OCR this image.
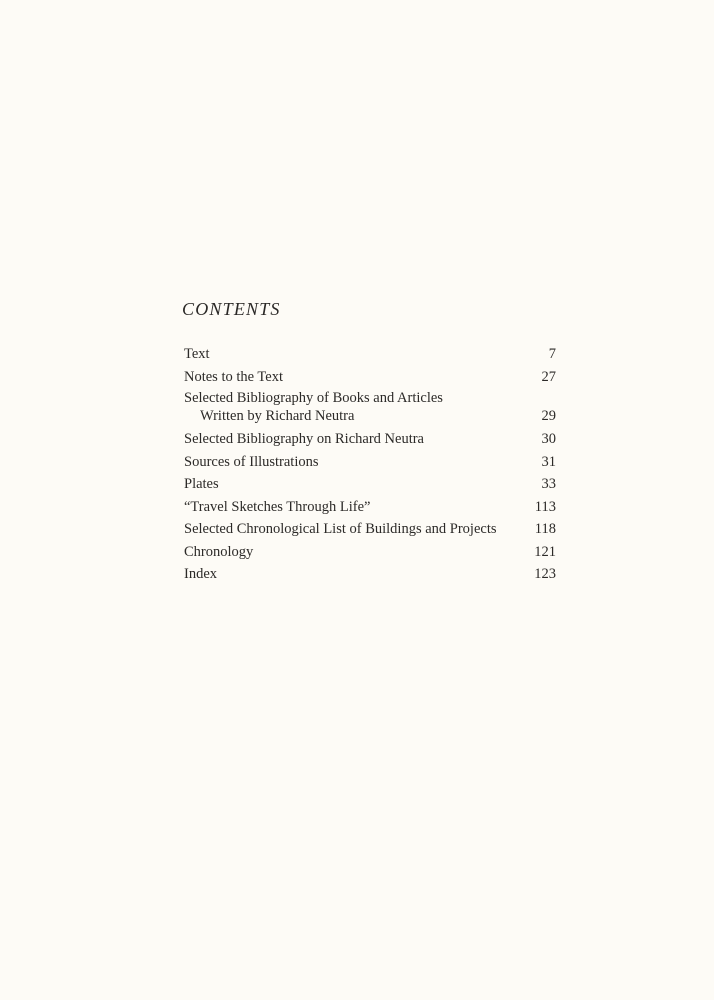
CONTENTS
Text	7
Notes to the Text	27
Selected Bibliography of Books and Articles
Written by Richard Neutra	29
Selected Bibliography on Richard Neutra	30
Sources of Illustrations	31
Plates	33
“Travel Sketches Through Life”	113
Selected Chronological List of Buildings and Projects	118
Chronology	121
Index	123
